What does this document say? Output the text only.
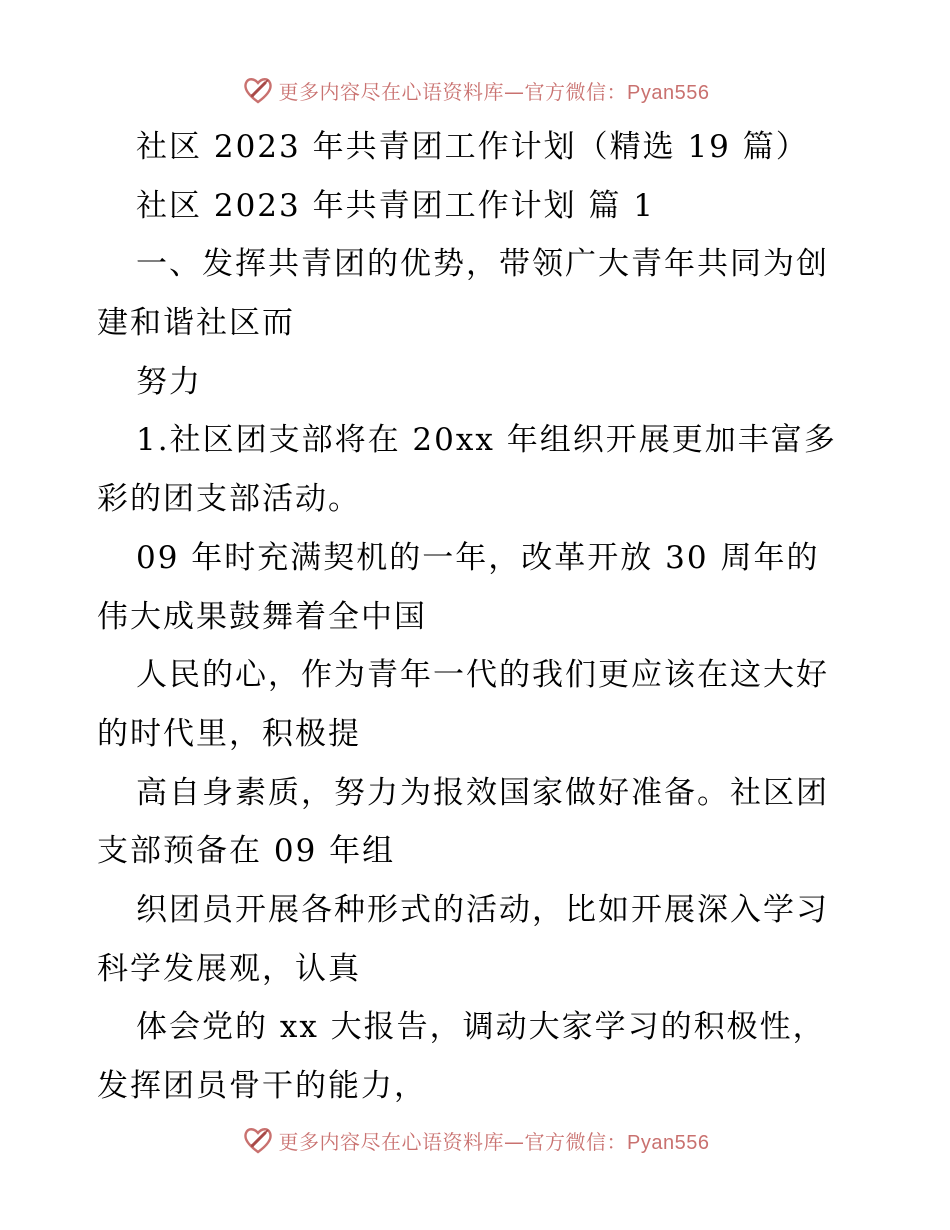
更多内容尽在心语资料库—官方微信：Pyan556
社区 2023 年共青团工作计划（精选 19 篇）
社区 2023 年共青团工作计划 篇 1
一、发挥共青团的优势，带领广大青年共同为创
建和谐社区而
努力
1.社区团支部将在 20xx 年组织开展更加丰富多
彩的团支部活动。
09 年时充满契机的一年，改革开放 30 周年的
伟大成果鼓舞着全中国
人民的心，作为青年一代的我们更应该在这大好
的时代里，积极提
高自身素质，努力为报效国家做好准备。社区团
支部预备在 09 年组
织团员开展各种形式的活动，比如开展深入学习
科学发展观，认真
体会党的 xx 大报告，调动大家学习的积极性，
发挥团员骨干的能力，
更多内容尽在心语资料库—官方微信：Pyan556
